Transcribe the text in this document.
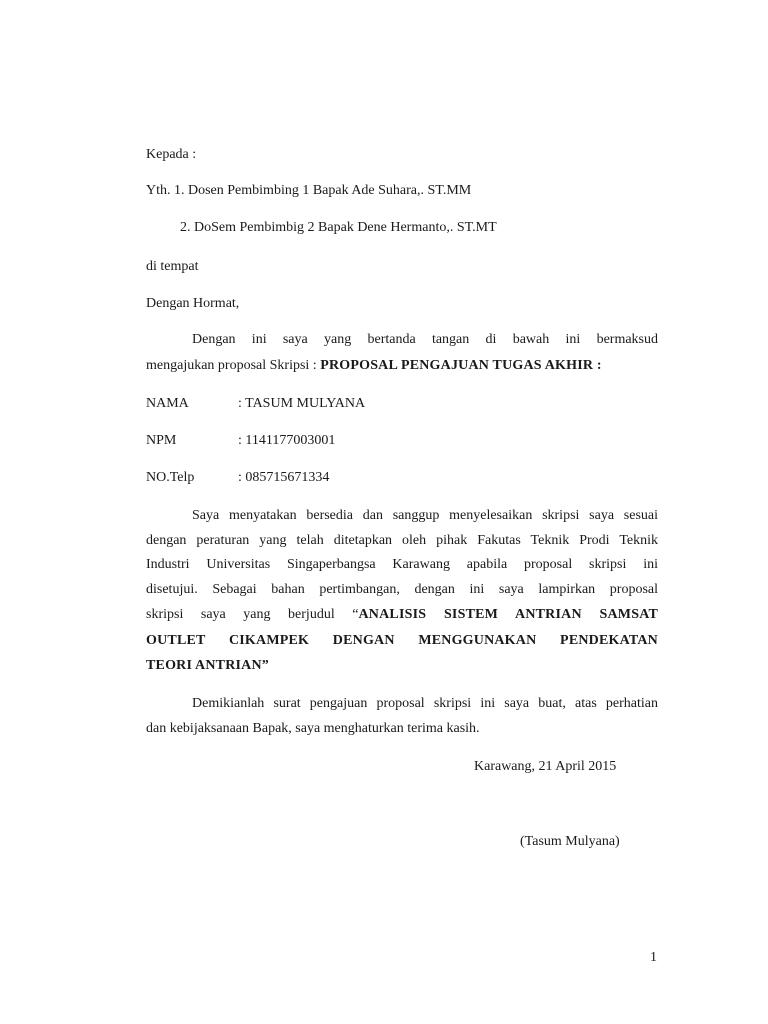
Kepada :
Yth. 1. Dosen Pembimbing 1 Bapak Ade Suhara,. ST.MM
2. DoSem Pembimbig 2 Bapak Dene Hermanto,. ST.MT
di tempat
Dengan Hormat,
Dengan ini saya yang bertanda tangan di bawah ini bermaksud
mengajukan proposal Skripsi : PROPOSAL PENGAJUAN TUGAS AKHIR :
NAMA	: TASUM MULYANA
NPM	: 1141177003001
NO.Telp	: 085715671334
Saya menyatakan bersedia dan sanggup menyelesaikan skripsi saya sesuai
dengan peraturan yang telah ditetapkan oleh pihak Fakutas Teknik Prodi Teknik
Industri Universitas Singaperbangsa Karawang apabila proposal skripsi ini
disetujui. Sebagai bahan pertimbangan, dengan ini saya lampirkan proposal
skripsi saya yang berjudul “ANALISIS SISTEM ANTRIAN SAMSAT
OUTLET CIKAMPEK DENGAN MENGGUNAKAN PENDEKATAN
TEORI ANTRIAN”
Demikianlah surat pengajuan proposal skripsi ini saya buat, atas perhatian
dan kebijaksanaan Bapak, saya menghaturkan terima kasih.
Karawang, 21 April 2015
(Tasum Mulyana)
1
